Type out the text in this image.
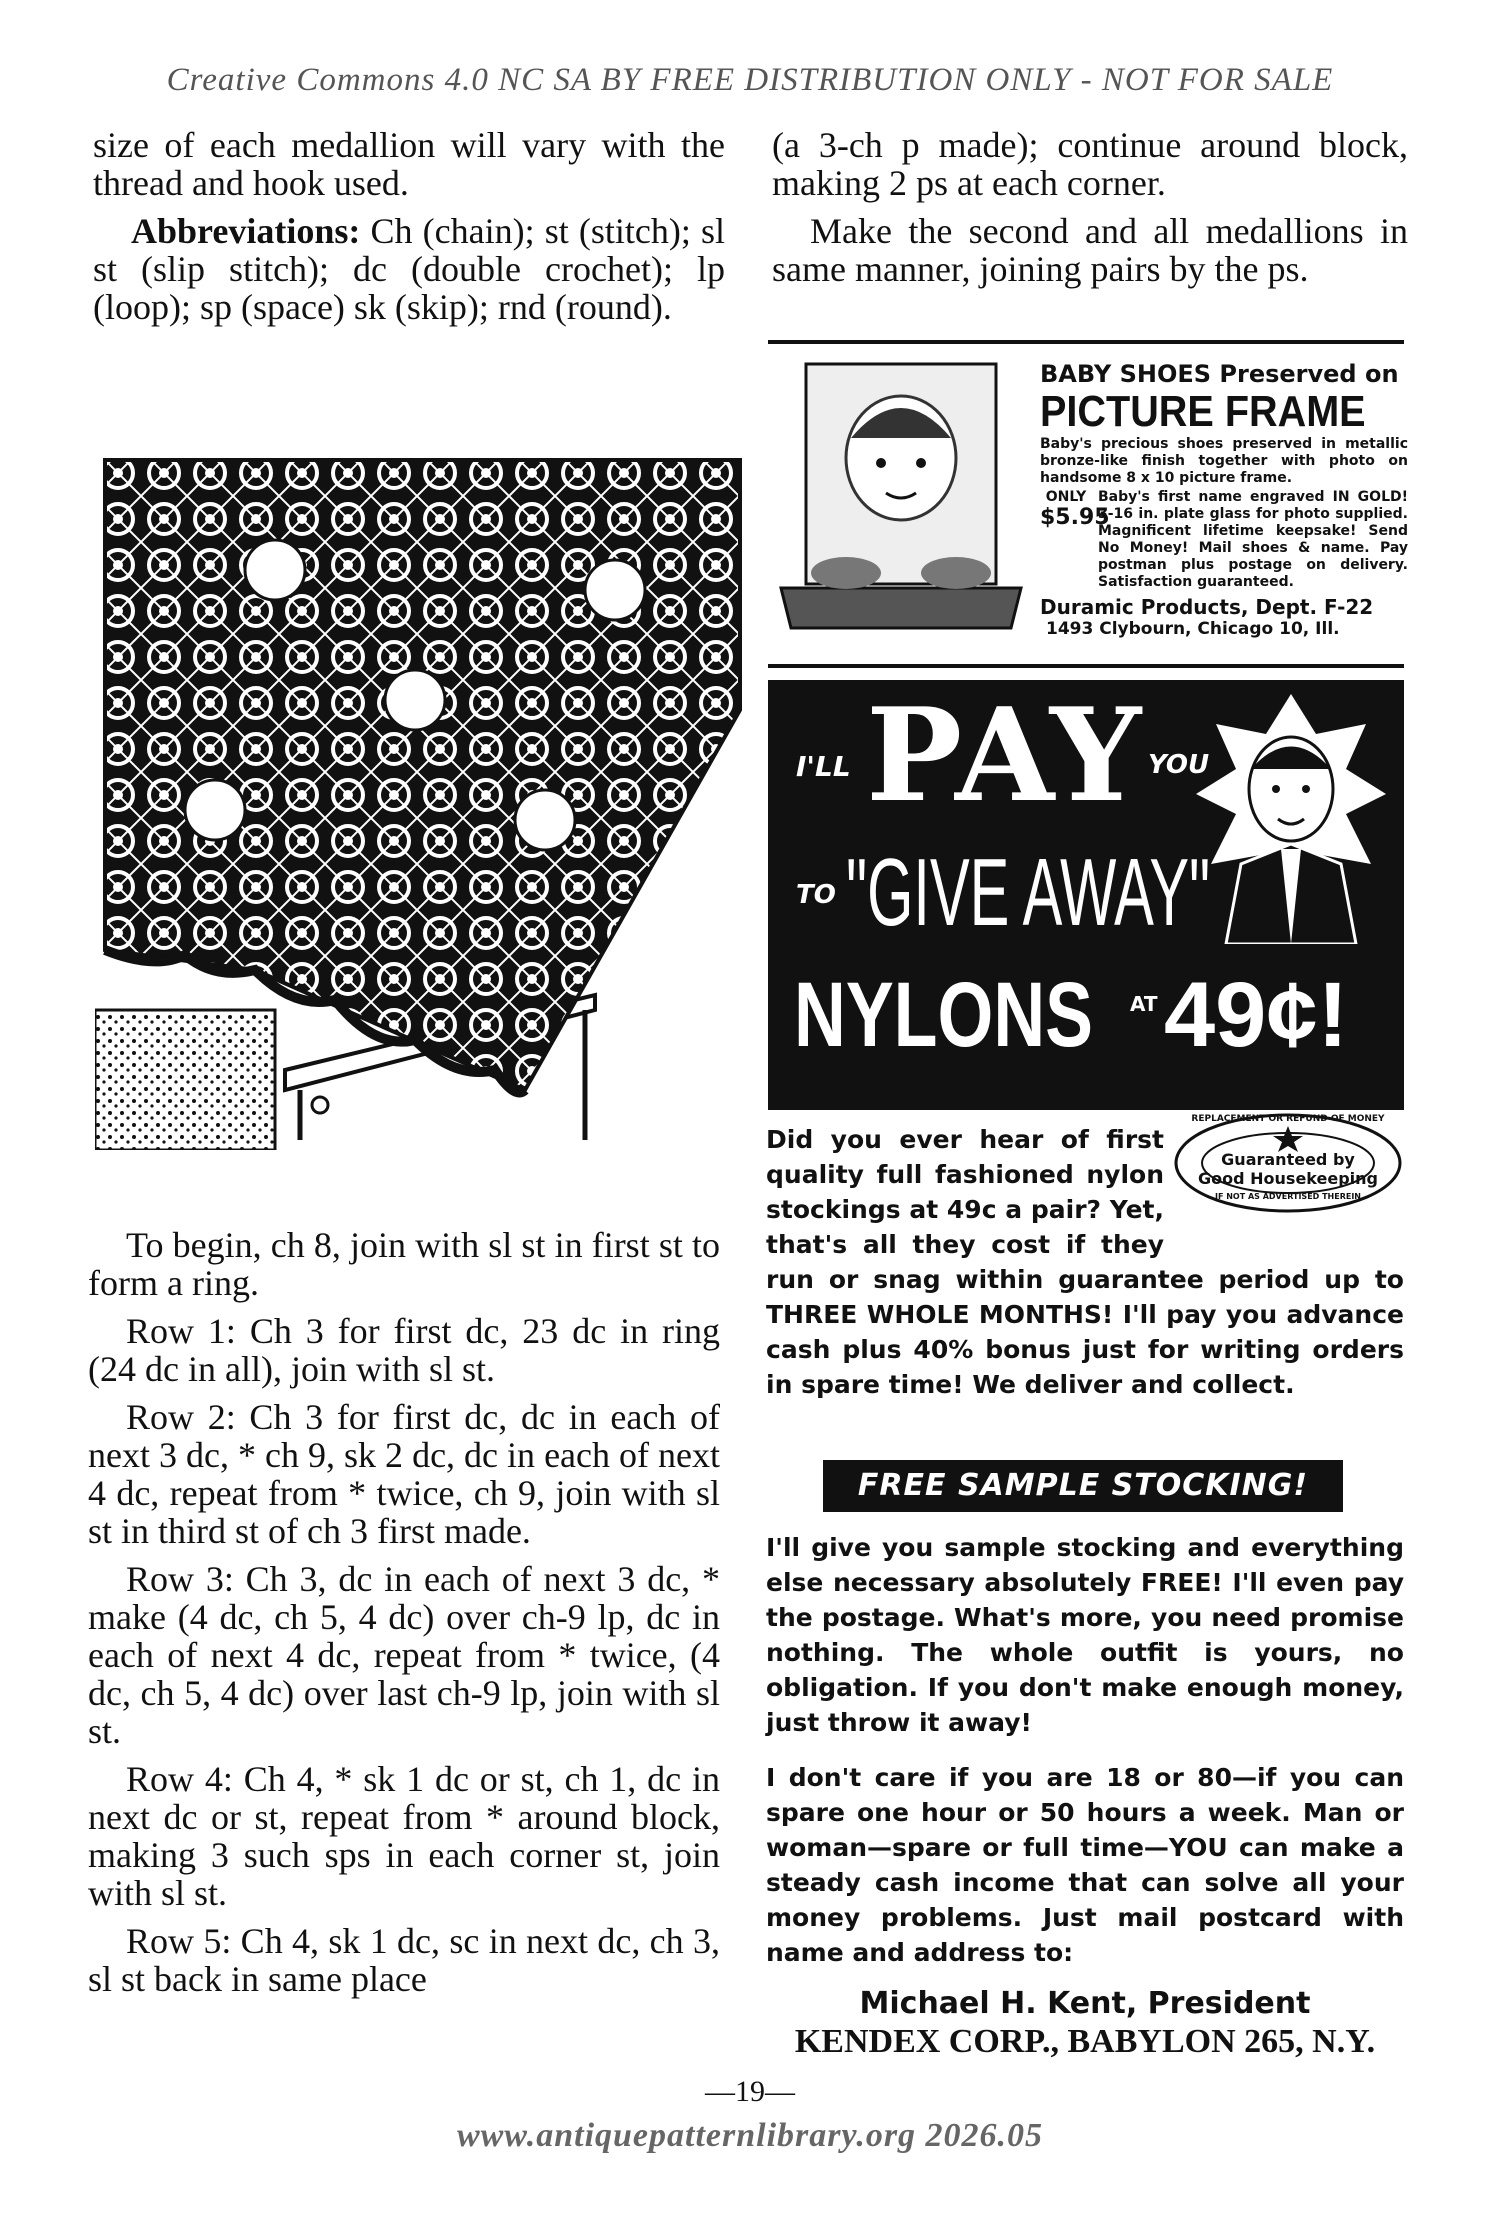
Creative Commons 4.0 NC SA BY FREE DISTRIBUTION ONLY - NOT FOR SALE

size of each medallion will vary with the thread and hook used.

Abbreviations: Ch (chain); st (stitch); sl st (slip stitch); dc (double crochet); lp (loop); sp (space) sk (skip); rnd (round).

To begin, ch 8, join with sl st in first st to form a ring.

Row 1: Ch 3 for first dc, 23 dc in ring (24 dc in all), join with sl st.

Row 2: Ch 3 for first dc, dc in each of next 3 dc, * ch 9, sk 2 dc, dc in each of next 4 dc, repeat from * twice, ch 9, join with sl st in third st of ch 3 first made.

Row 3: Ch 3, dc in each of next 3 dc, * make (4 dc, ch 5, 4 dc) over ch-9 lp, dc in each of next 4 dc, repeat from * twice, (4 dc, ch 5, 4 dc) over last ch-9 lp, join with sl st.

Row 4: Ch 4, * sk 1 dc or st, ch 1, dc in next dc or st, repeat from * around block, making 3 such sps in each corner st, join with sl st.

Row 5: Ch 4, sk 1 dc, sc in next dc, ch 3, sl st back in same place

(a 3-ch p made); continue around block, making 2 ps at each corner.

Make the second and all medallions in same manner, joining pairs by the ps.

BABY SHOES Preserved on
PICTURE FRAME
Baby's precious shoes preserved in metallic bronze-like finish together with photo on handsome 8 x 10 picture frame.
ONLY
$5.95
Baby's first name engraved IN GOLD! 3-16 in. plate glass for photo supplied. Magnificent lifetime keepsake! Send No Money! Mail shoes & name. Pay postman plus postage on delivery. Satisfaction guaranteed.
Duramic Products, Dept. F-22
1493 Clybourn, Chicago 10, Ill.
I'LL PAY YOU
TO "GIVE AWAY"
NYLONS AT 49¢!
REPLACEMENT OR REFUND OF MONEY
Guaranteed by
Good Housekeeping
IF NOT AS ADVERTISED THEREIN
Did you ever hear of first quality full fashioned nylon stockings at 49c a pair? Yet, that's all they cost if they run or snag within guarantee period up to THREE WHOLE MONTHS! I'll pay you advance cash plus 40% bonus just for writing orders in spare time! We deliver and collect.
FREE SAMPLE STOCKING!
I'll give you sample stocking and everything else necessary absolutely FREE! I'll even pay the postage. What's more, you need promise nothing. The whole outfit is yours, no obligation. If you don't make enough money, just throw it away!
I don't care if you are 18 or 80—if you can spare one hour or 50 hours a week. Man or woman—spare or full time—YOU can make a steady cash income that can solve all your money problems. Just mail postcard with name and address to:
Michael H. Kent, President
KENDEX CORP., BABYLON 265, N.Y.
—19—
www.antiquepatternlibrary.org 2026.05
